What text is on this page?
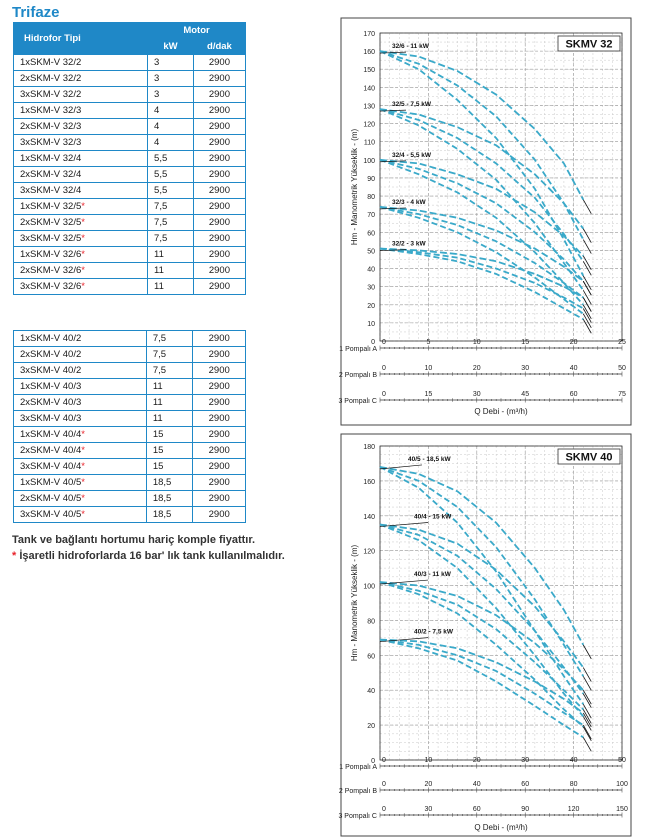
Trifaze
Hidrofor Tipi	Motor	
	kW	d/dak
1xSKM-V 32/2	3	2900
2xSKM-V 32/2	3	2900
3xSKM-V 32/2	3	2900
1xSKM-V 32/3	4	2900
2xSKM-V 32/3	4	2900
3xSKM-V 32/3	4	2900
1xSKM-V 32/4	5,5	2900
2xSKM-V 32/4	5,5	2900
3xSKM-V 32/4	5,5	2900
1xSKM-V 32/5*	7,5	2900
2xSKM-V 32/5*	7,5	2900
3xSKM-V 32/5*	7,5	2900
1xSKM-V 32/6*	11	2900
2xSKM-V 32/6*	11	2900
3xSKM-V 32/6*	11	2900
1xSKM-V 40/2	7,5	2900
2xSKM-V 40/2	7,5	2900
3xSKM-V 40/2	7,5	2900
1xSKM-V 40/3	11	2900
2xSKM-V 40/3	11	2900
3xSKM-V 40/3	11	2900
1xSKM-V 40/4*	15	2900
2xSKM-V 40/4*	15	2900
3xSKM-V 40/4*	15	2900
1xSKM-V 40/5*	18,5	2900
2xSKM-V 40/5*	18,5	2900
3xSKM-V 40/5*	18,5	2900
Tank ve bağlantı hortumu hariç komple fiyattır.
* İşaretli hidroforlarda 16 bar' lık tank kullanılmalıdır.
0
10
20
30
40
50
60
70
80
90
100
110
120
130
140
150
160
170
SKMV 32
Hm - Manometrik Yükseklik - (m)
0	5	10	15	20	25
1 Pompalı A
0	10	20	30	40	50
2 Pompalı B
0	15	30	45	60	75
3 Pompalı C
Q Debi - (m³/h)
32/6 - 11 kW
32/5 - 7,5 kW
32/4 - 5,5 kW
32/3 - 4 kW
32/2 - 3 kW
0
20
40
60
80
100
120
140
160
180
SKMV 40
Hm - Manometrik Yükseklik - (m)
0	10	20	30	40	50
1 Pompalı A
0	20	40	60	80	100
2 Pompalı B
0	30	60	90	120	150
3 Pompalı C
Q Debi - (m³/h)
40/5 - 18,5 kW
40/4 - 15 kW
40/3 - 11 kW
40/2 - 7,5 kW
